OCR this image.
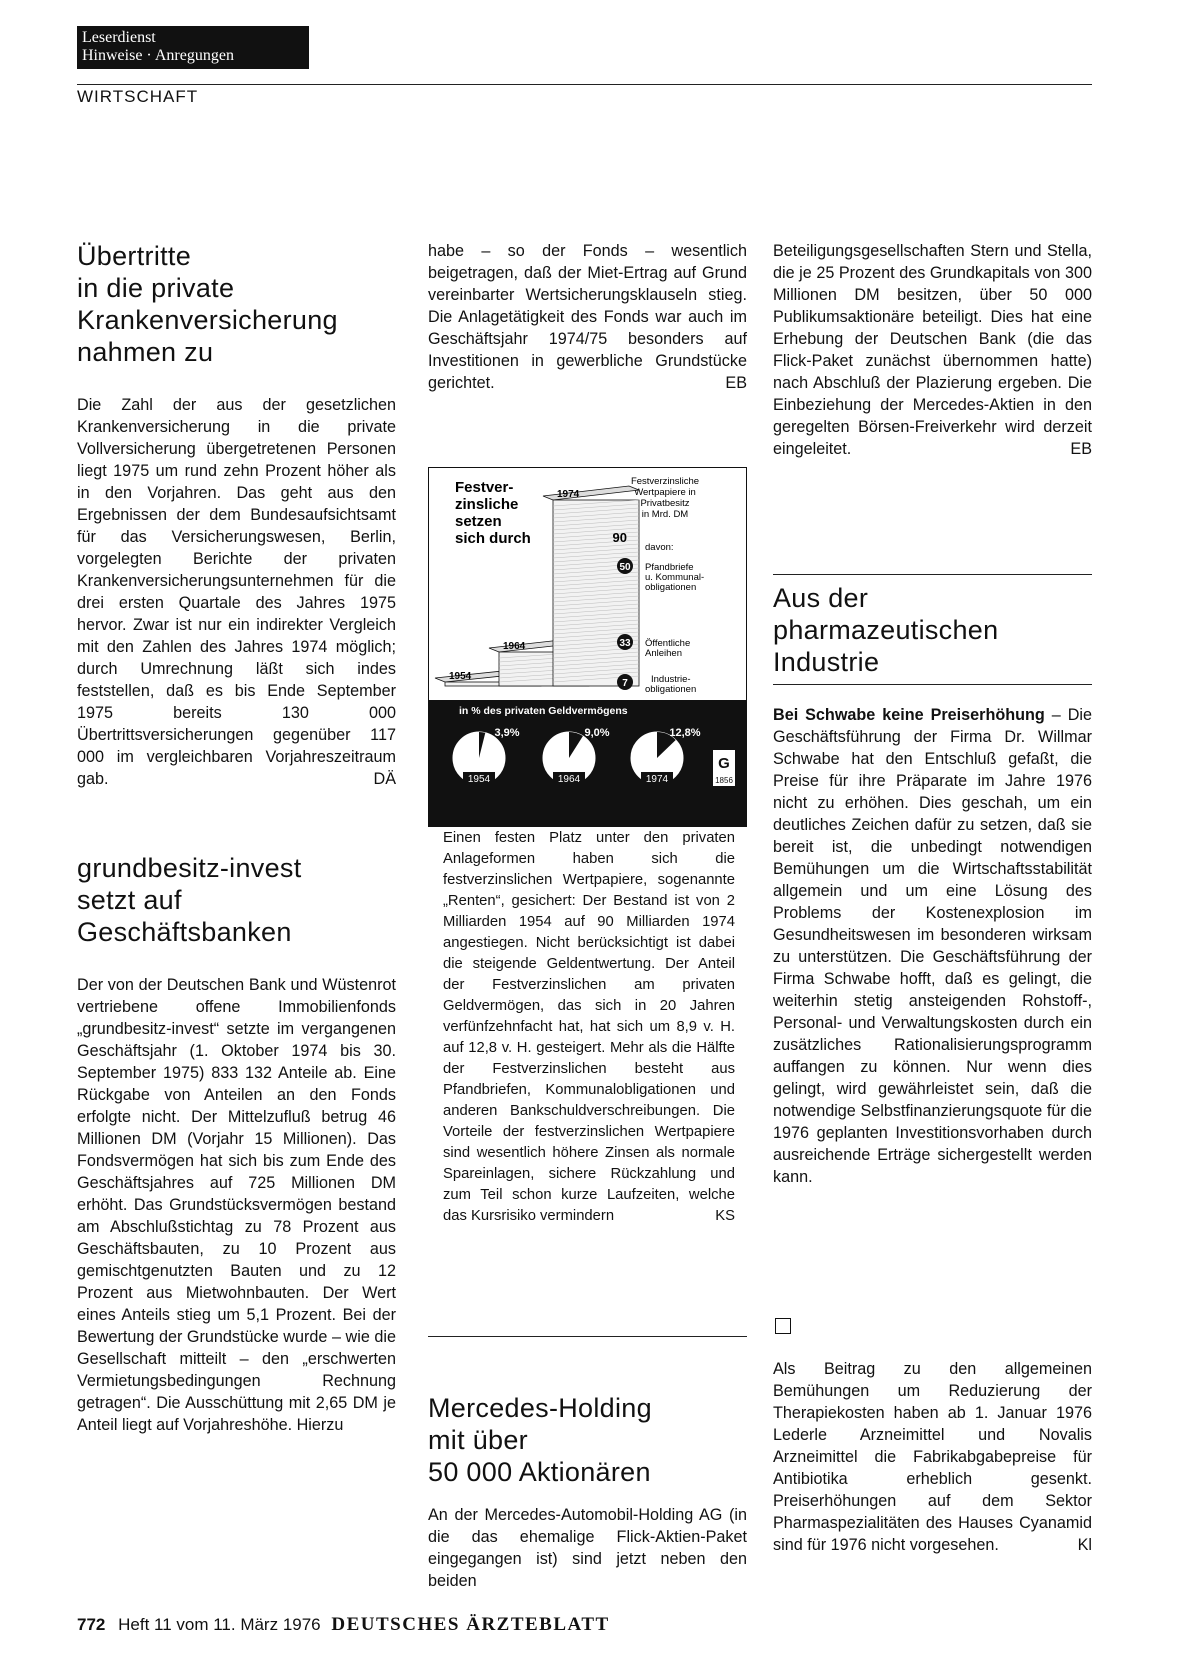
Leserdienst
Hinweise · Anregungen
WIRTSCHAFT
Übertritte
in die private
Krankenversicherung
nahmen zu

Die Zahl der aus der gesetzlichen Krankenversicherung in die private Vollversicherung übergetretenen Personen liegt 1975 um rund zehn Prozent höher als in den Vorjahren. Das geht aus den Ergebnissen der dem Bundesaufsichtsamt für das Versicherungswesen, Berlin, vorgelegten Berichte der privaten Krankenversicherungsunternehmen für die drei ersten Quartale des Jahres 1975 hervor. Zwar ist nur ein indirekter Vergleich mit den Zahlen des Jahres 1974 möglich; durch Umrechnung läßt sich indes feststellen, daß es bis Ende September 1975 bereits 130 000 Übertrittsversicherungen gegenüber 117 000 im vergleichbaren Vorjahreszeitraum gab.	DÄ

grundbesitz-invest
setzt auf
Geschäftsbanken

Der von der Deutschen Bank und Wüstenrot vertriebene offene Immobilienfonds „grundbesitz-invest“ setzte im vergangenen Geschäftsjahr (1. Oktober 1974 bis 30. September 1975) 833 132 Anteile ab. Eine Rückgabe von Anteilen an den Fonds erfolgte nicht. Der Mittelzufluß betrug 46 Millionen DM (Vorjahr 15 Millionen). Das Fondsvermögen hat sich bis zum Ende des Geschäftsjahres auf 725 Millionen DM erhöht. Das Grundstücksvermögen bestand am Abschlußstichtag zu 78 Prozent aus Geschäftsbauten, zu 10 Prozent aus gemischtgenutzten Bauten und zu 12 Prozent aus Mietwohnbauten. Der Wert eines Anteils stieg um 5,1 Prozent. Bei der Bewertung der Grundstücke wurde – wie die Gesellschaft mitteilt – den „erschwerten Vermietungsbedingungen Rechnung getragen“. Die Ausschüttung mit 2,65 DM je Anteil liegt auf Vorjahreshöhe. Hierzu

habe – so der Fonds – wesentlich beigetragen, daß der Miet-Ertrag auf Grund vereinbarter Wertsicherungsklauseln stieg. Die Anlagetätigkeit des Fonds war auch im Geschäftsjahr 1974/75 besonders auf Investitionen in gewerbliche Grundstücke gerichtet.	EB

Festver-
zinsliche
setzen
sich durch
Festverzinsliche
Wertpapiere in
Privatbesitz
in Mrd. DM
davon:
1954
1964
1974
90
50
33
7
Pfandbriefe
u. Kommunal-
obligationen
Öffentliche
Anleihen
Industrie-
obligationen
in % des privaten Geldvermögens
1954
3,9%
1964
9,0%
1974
12,8%
G
1856

Einen festen Platz unter den privaten Anlageformen haben sich die festverzinslichen Wertpapiere, sogenannte „Renten“, gesichert: Der Bestand ist von 2 Milliarden 1954 auf 90 Milliarden 1974 angestiegen. Nicht berücksichtigt ist dabei die steigende Geldentwertung. Der Anteil der Festverzinslichen am privaten Geldvermögen, das sich in 20 Jahren verfünfzehnfacht hat, hat sich um 8,9 v. H. auf 12,8 v. H. gesteigert. Mehr als die Hälfte der Festverzinslichen besteht aus Pfandbriefen, Kommunalobligationen und anderen Bankschuldverschreibungen. Die Vorteile der festverzinslichen Wertpapiere sind wesentlich höhere Zinsen als normale Spareinlagen, sichere Rückzahlung und zum Teil schon kurze Laufzeiten, welche das Kursrisiko vermindern	KS

Mercedes-Holding
mit über
50 000 Aktionären

An der Mercedes-Automobil-Holding AG (in die das ehemalige Flick-Aktien-Paket eingegangen ist) sind jetzt neben den beiden

Beteiligungsgesellschaften Stern und Stella, die je 25 Prozent des Grundkapitals von 300 Millionen DM besitzen, über 50 000 Publikumsaktionäre beteiligt. Dies hat eine Erhebung der Deutschen Bank (die das Flick-Paket zunächst übernommen hatte) nach Abschluß der Plazierung ergeben. Die Einbeziehung der Mercedes-Aktien in den geregelten Börsen-Freiverkehr wird derzeit eingeleitet.	EB

Aus der
pharmazeutischen
Industrie

Bei Schwabe keine Preiserhöhung – Die Geschäftsführung der Firma Dr. Willmar Schwabe hat den Entschluß gefaßt, die Preise für ihre Präparate im Jahre 1976 nicht zu erhöhen. Dies geschah, um ein deutliches Zeichen dafür zu setzen, daß sie bereit ist, die unbedingt notwendigen Bemühungen um die Wirtschaftsstabilität allgemein und um eine Lösung des Problems der Kostenexplosion im Gesundheitswesen im besonderen wirksam zu unterstützen. Die Geschäftsführung der Firma Schwabe hofft, daß es gelingt, die weiterhin stetig ansteigenden Rohstoff-, Personal- und Verwaltungskosten durch ein zusätzliches Rationalisierungsprogramm auffangen zu können. Nur wenn dies gelingt, wird gewährleistet sein, daß die notwendige Selbstfinanzierungsquote für die 1976 geplanten Investitionsvorhaben durch ausreichende Erträge sichergestellt werden kann.

Als Beitrag zu den allgemeinen Bemühungen um Reduzierung der Therapiekosten haben ab 1. Januar 1976 Lederle Arzneimittel und Novalis Arzneimittel die Fabrikabgabepreise für Antibiotika erheblich gesenkt. Preiserhöhungen auf dem Sektor Pharmaspezialitäten des Hauses Cyanamid sind für 1976 nicht vorgesehen.	Kl

772 Heft 11 vom 11. März 1976 DEUTSCHES ÄRZTEBLATT
